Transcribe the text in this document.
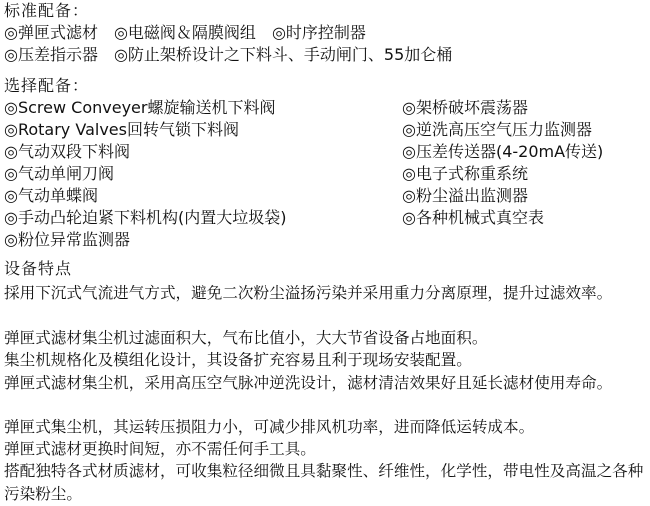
标准配备：
◎弹匣式滤材 ◎电磁阀＆隔膜阀组 ◎时序控制器
◎压差指示器 ◎防止架桥设计之下料斗、手动闸门、55加仑桶
选择配备：
◎Screw Conveyer螺旋输送机下料阀
◎Rotary Valves回转气锁下料阀
◎气动双段下料阀
◎气动单闸刀阀
◎气动单蝶阀
◎手动凸轮迫紧下料机构(内置大垃圾袋)
◎粉位异常监测器
◎架桥破坏震荡器
◎逆洗高压空气压力监测器
◎压差传送器(4-20mA传送)
◎电子式称重系统
◎粉尘溢出监测器
◎各种机械式真空表
设备特点
採用下沉式气流进气方式，避免二次粉尘溢扬污染并采用重力分离原理，提升过滤效率。
弹匣式滤材集尘机过滤面积大，气布比值小，大大节省设备占地面积。
集尘机规格化及模组化设计，其设备扩充容易且利于现场安装配置。
弹匣式滤材集尘机，采用高压空气脉冲逆洗设计，滤材清洁效果好且延长滤材使用寿命。
弹匣式集尘机，其运转压损阻力小，可减少排风机功率，进而降低运转成本。
弹匣式滤材更换时间短，亦不需任何手工具。
搭配独特各式材质滤材，可收集粒径细微且具黏聚性、纤维性，化学性，带电性及高温之各种污染粉尘。
